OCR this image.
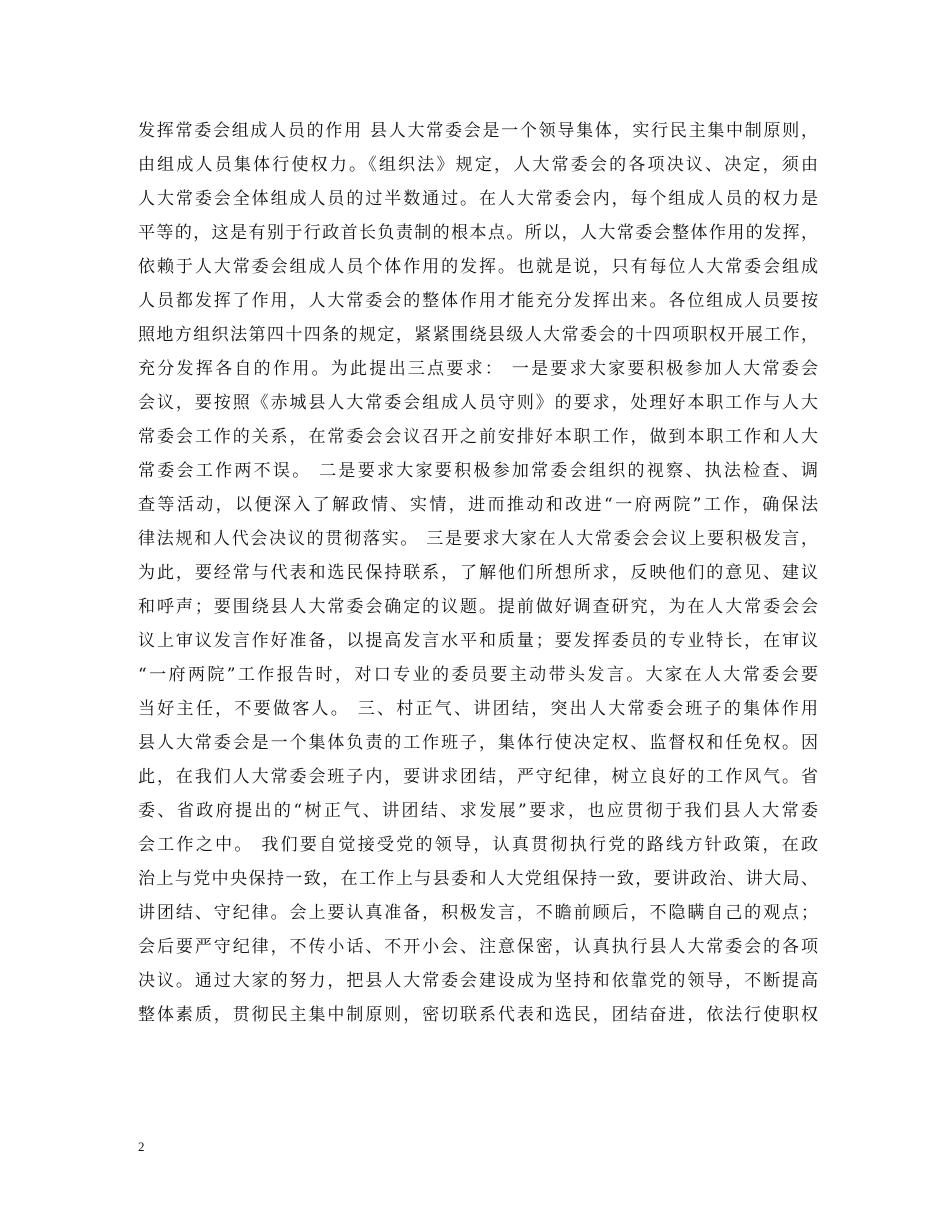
发挥常委会组成人员的作用 县人大常委会是一个领导集体，实行民主集中制原则，
由组成人员集体行使权力。《组织法》规定，人大常委会的各项决议、决定，须由
人大常委会全体组成人员的过半数通过。在人大常委会内，每个组成人员的权力是
平等的，这是有别于行政首长负责制的根本点。所以，人大常委会整体作用的发挥，
依赖于人大常委会组成人员个体作用的发挥。也就是说，只有每位人大常委会组成
人员都发挥了作用，人大常委会的整体作用才能充分发挥出来。各位组成人员要按
照地方组织法第四十四条的规定，紧紧围绕县级人大常委会的十四项职权开展工作，
充分发挥各自的作用。为此提出三点要求： 一是要求大家要积极参加人大常委会
会议，要按照《赤城县人大常委会组成人员守则》的要求，处理好本职工作与人大
常委会工作的关系，在常委会会议召开之前安排好本职工作，做到本职工作和人大
常委会工作两不误。 二是要求大家要积极参加常委会组织的视察、执法检查、调
查等活动，以便深入了解政情、实情，进而推动和改进“一府两院”工作，确保法
律法规和人代会决议的贯彻落实。 三是要求大家在人大常委会会议上要积极发言，
为此，要经常与代表和选民保持联系，了解他们所想所求，反映他们的意见、建议
和呼声；要围绕县人大常委会确定的议题。提前做好调查研究，为在人大常委会会
议上审议发言作好准备，以提高发言水平和质量；要发挥委员的专业特长，在审议
“一府两院”工作报告时，对口专业的委员要主动带头发言。大家在人大常委会要
当好主任，不要做客人。 三、村正气、讲团结，突出人大常委会班子的集体作用
县人大常委会是一个集体负责的工作班子，集体行使决定权、监督权和任免权。因
此，在我们人大常委会班子内，要讲求团结，严守纪律，树立良好的工作风气。省
委、省政府提出的“树正气、讲团结、求发展”要求，也应贯彻于我们县人大常委
会工作之中。 我们要自觉接受党的领导，认真贯彻执行党的路线方针政策，在政
治上与党中央保持一致，在工作上与县委和人大党组保持一致，要讲政治、讲大局、
讲团结、守纪律。会上要认真准备，积极发言，不瞻前顾后，不隐瞒自己的观点；
会后要严守纪律，不传小话、不开小会、注意保密，认真执行县人大常委会的各项
决议。通过大家的努力，把县人大常委会建设成为坚持和依靠党的领导，不断提高
整体素质，贯彻民主集中制原则，密切联系代表和选民，团结奋进，依法行使职权
2
